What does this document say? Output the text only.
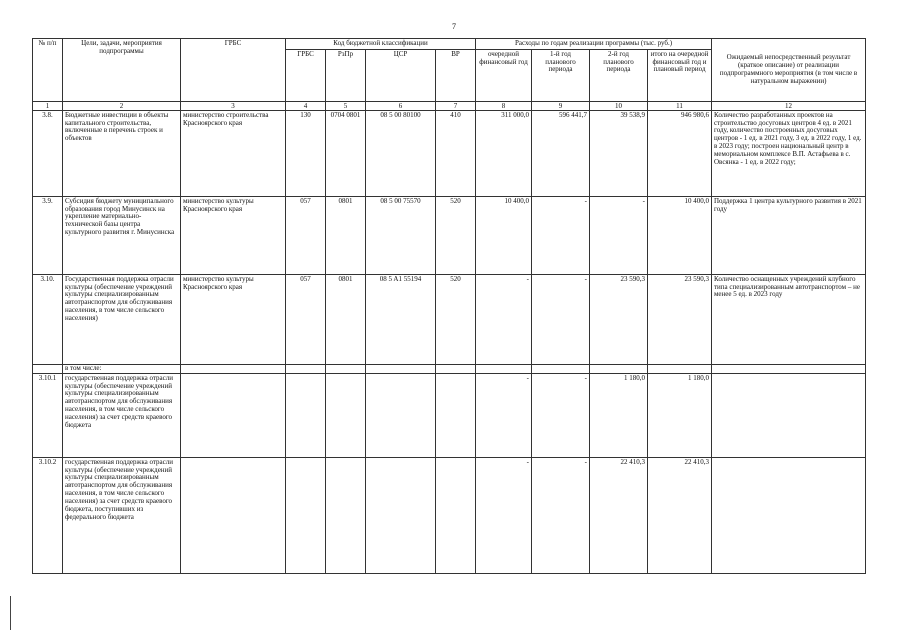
7
№ п/п	Цели, задачи, мероприятия подпрограммы	ГРБС	Код бюджетной классификации				Расходы по годам реализации программы (тыс. руб.)				Ожидаемый непосредственный результат (краткое описание) от реализации подпрограммного мероприятия (в том числе в натуральном выражении)
			ГРБС	РзПр	ЦСР	ВР	очередной финансовый год	1-й год планового периода	2-й год планового периода	итого на очередной финансовый год и плановый период	
1	2	3	4	5	6	7	8	9	10	11	12
3.8.	Бюджетные инвестиции в объекты капитального строительства, включенные в перечень строек и объектов	министерство строительства Красноярского края	130	0704 0801	08 5 00 80100	410	311 000,0	596 441,7	39 538,9	946 980,6	Количество разработанных проектов на строительство досуговых центров 4 ед. в 2021 году, количество построенных досуговых центров - 1 ед. в 2021 году, 3 ед. в 2022 году, 1 ед. в 2023 году; построен национальный центр в мемориальном комплексе В.П. Астафьева в с. Овсянка - 1 ед. в 2022 году;
3.9.	Субсидия бюджету муниципального образования город Минусинск на укрепление материально-технической базы центра культурного развития г. Минусинска	министерство культуры Красноярского края	057	0801	08 5 00 75570	520	10 400,0	-	-	10 400,0	Поддержка 1 центра культурного развития в 2021 году
3.10.	Государственная поддержка отрасли культуры (обеспечение учреждений культуры специализированным автотранспортом для обслуживания населения, в том числе сельского населения)	министерство культуры Красноярского края	057	0801	08 5 A1 55194	520	-	-	23 590,3	23 590,3	Количество оснащенных учреждений клубного типа специализированным автотранспортом – не менее 5 ед. в 2023 году
	в том числе:										
3.10.1	государственная поддержка отрасли культуры (обеспечение учреждений культуры специализированным автотранспортом для обслуживания населения, в том числе сельского населения) за счет средств краевого бюджета						-	-	1 180,0	1 180,0	
3.10.2	государственная поддержка отрасли культуры (обеспечение учреждений культуры специализированным автотранспортом для обслуживания населения, в том числе сельского населения) за счет средств краевого бюджета, поступивших из федерального бюджета						-	-	22 410,3	22 410,3	
